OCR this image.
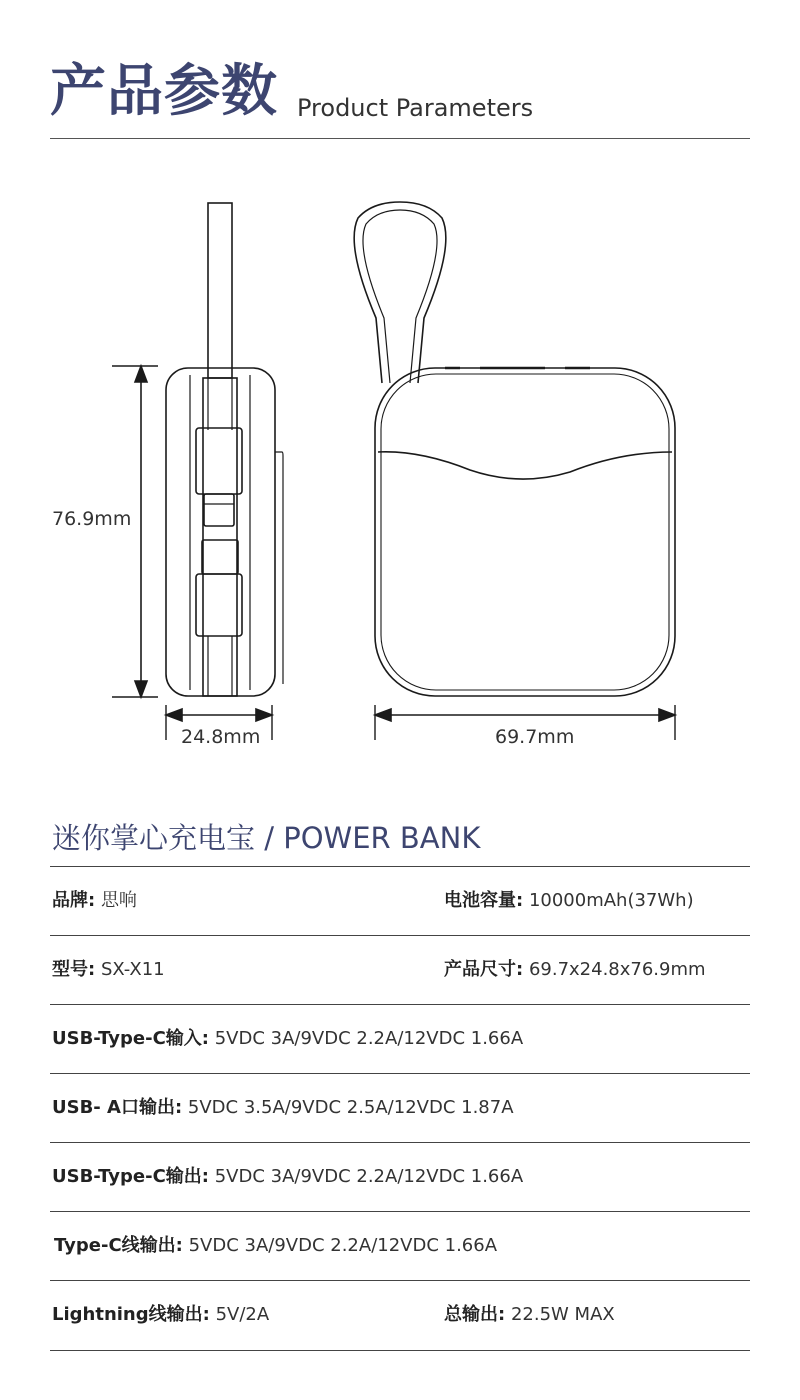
产品参数 Product Parameters
76.9mm
24.8mm	69.7mm
迷你掌心充电宝 / POWER BANK
品牌: 思响	电池容量: 10000mAh(37Wh)
型号: SX-X11	产品尺寸: 69.7x24.8x76.9mm
USB-Type-C输入: 5VDC 3A/9VDC 2.2A/12VDC 1.66A
USB- A口输出: 5VDC 3.5A/9VDC 2.5A/12VDC 1.87A
USB-Type-C输出: 5VDC 3A/9VDC 2.2A/12VDC 1.66A
Type-C线输出: 5VDC 3A/9VDC 2.2A/12VDC 1.66A
Lightning线输出: 5V/2A	总输出: 22.5W MAX
